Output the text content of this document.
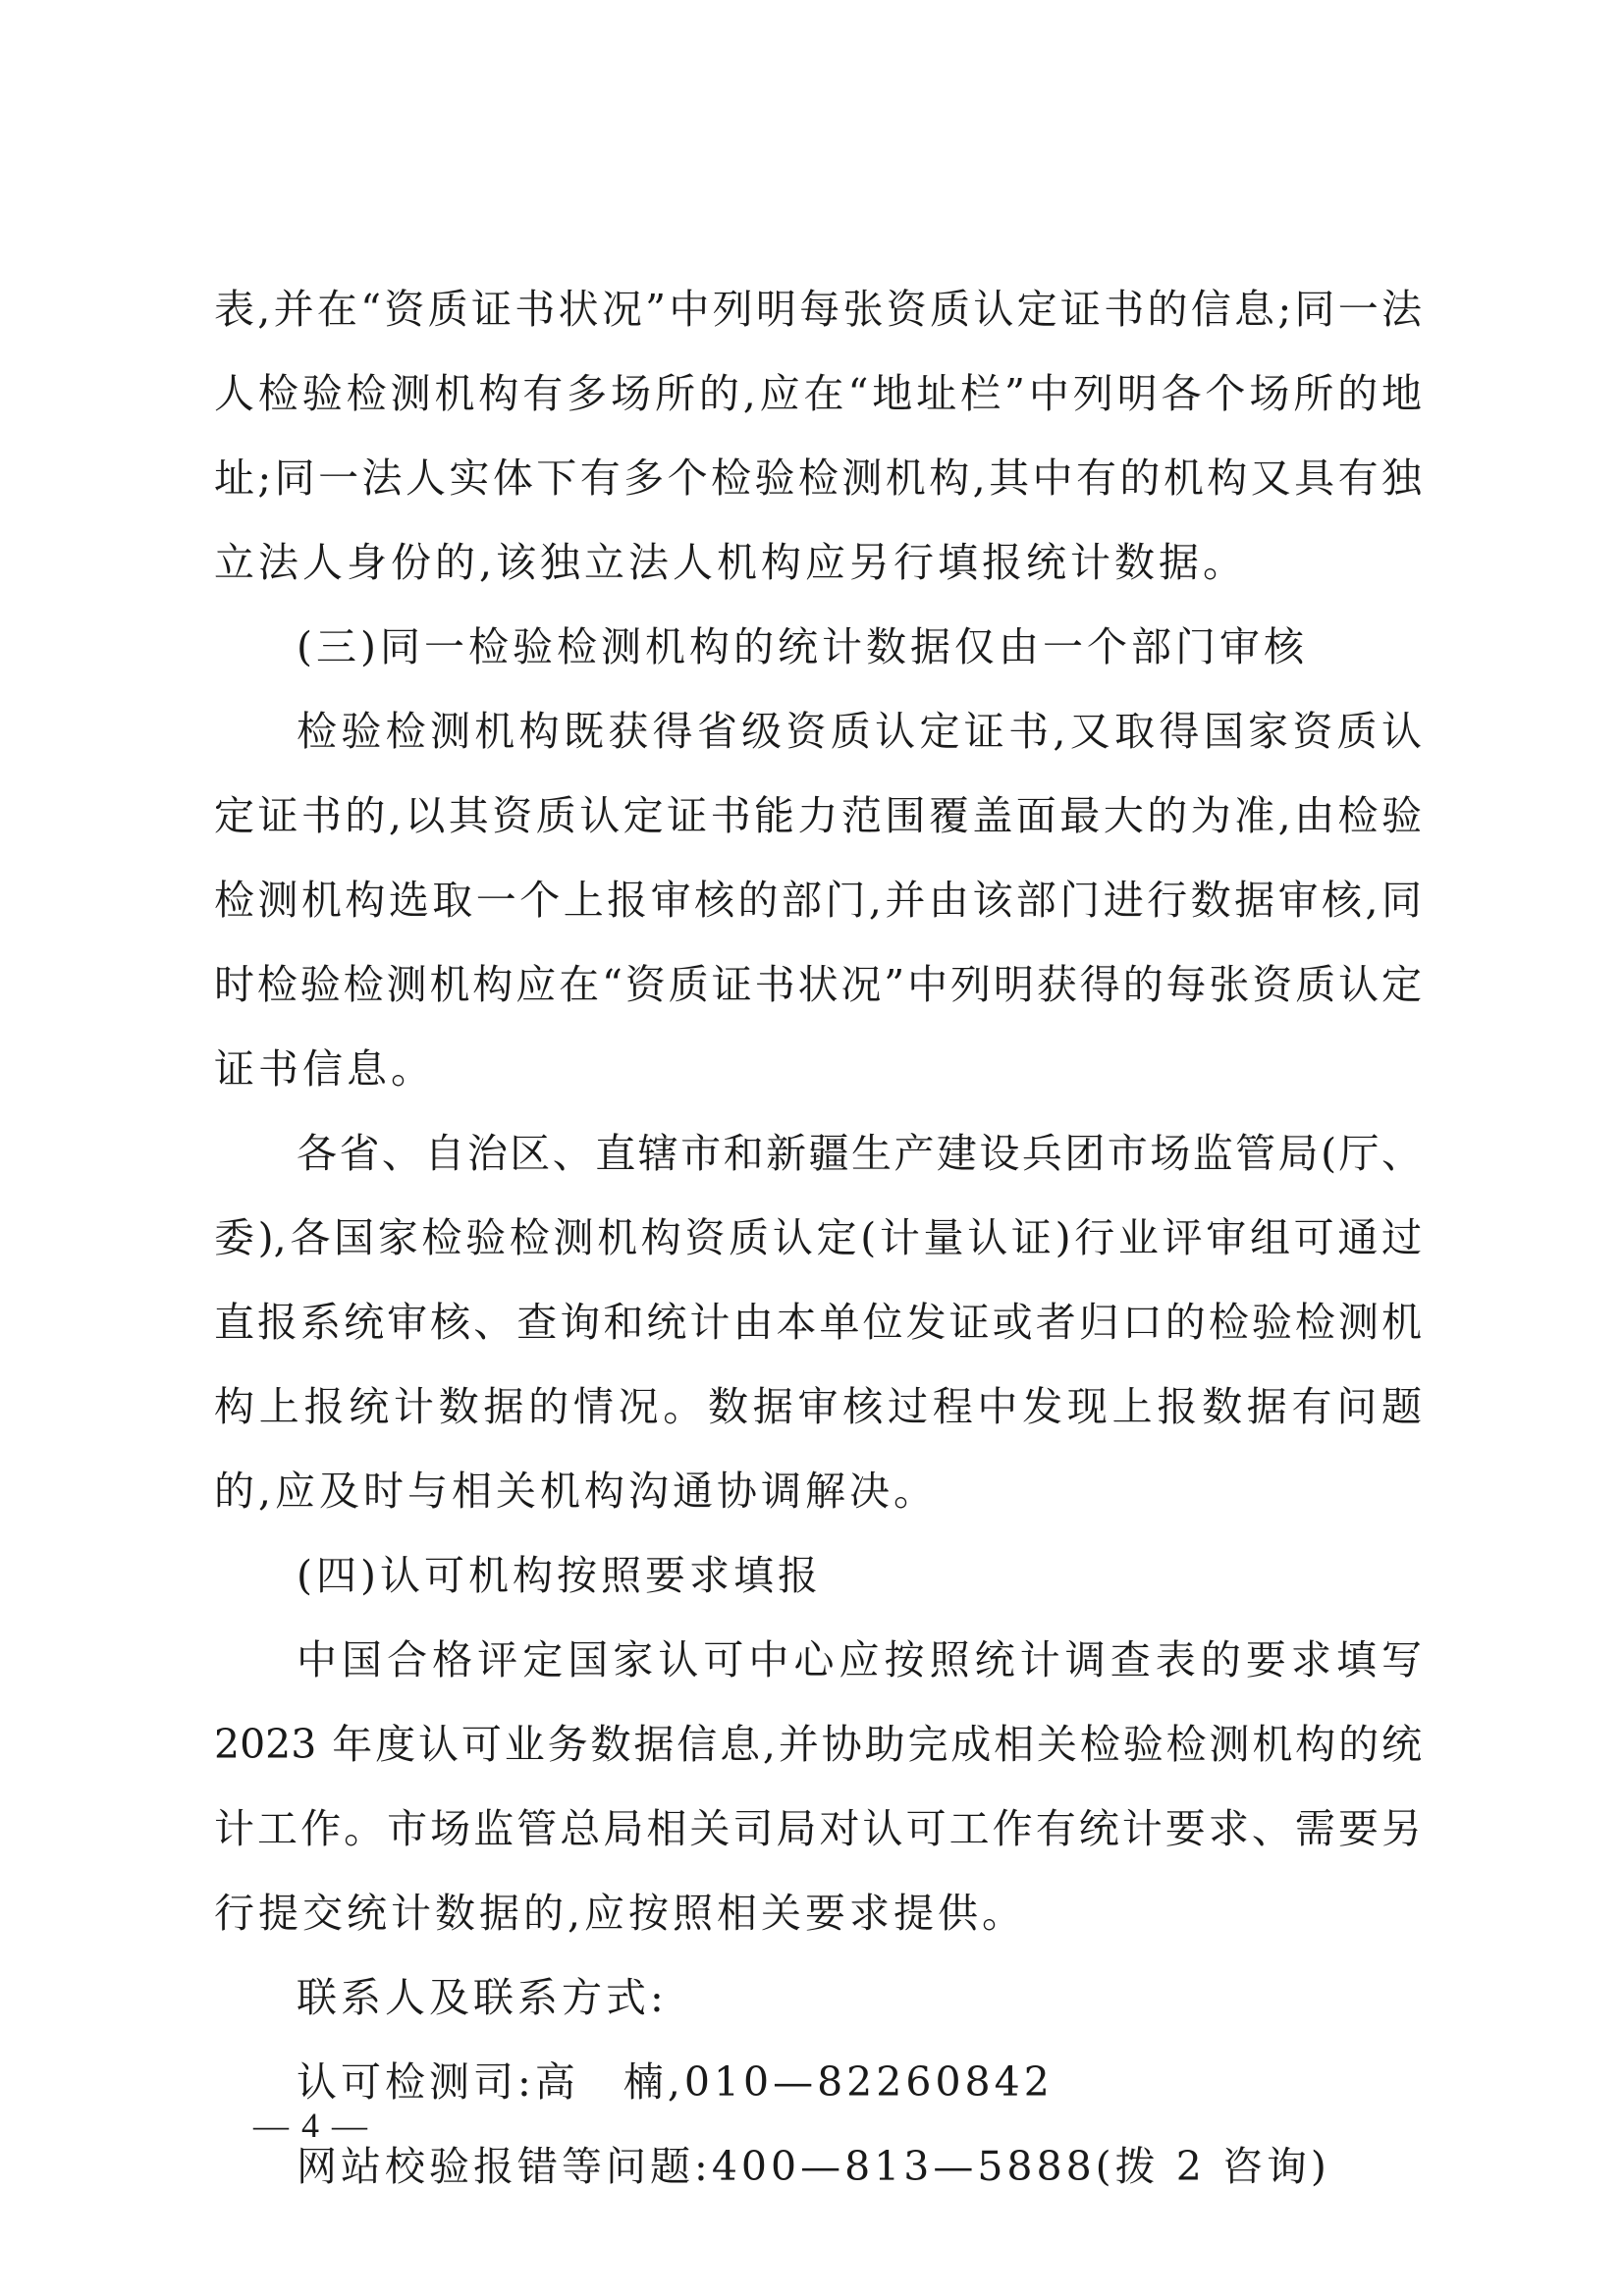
表,并在“资质证书状况”中列明每张资质认定证书的信息;同一法
人检验检测机构有多场所的,应在“地址栏”中列明各个场所的地
址;同一法人实体下有多个检验检测机构,其中有的机构又具有独
立法人身份的,该独立法人机构应另行填报统计数据。
(三)同一检验检测机构的统计数据仅由一个部门审核
检验检测机构既获得省级资质认定证书,又取得国家资质认
定证书的,以其资质认定证书能力范围覆盖面最大的为准,由检验
检测机构选取一个上报审核的部门,并由该部门进行数据审核,同
时检验检测机构应在“资质证书状况”中列明获得的每张资质认定
证书信息。
各省、自治区、直辖市和新疆生产建设兵团市场监管局(厅、
委),各国家检验检测机构资质认定(计量认证)行业评审组可通过
直报系统审核、查询和统计由本单位发证或者归口的检验检测机
构上报统计数据的情况。数据审核过程中发现上报数据有问题
的,应及时与相关机构沟通协调解决。
(四)认可机构按照要求填报
中国合格评定国家认可中心应按照统计调查表的要求填写
2023 年度认可业务数据信息,并协助完成相关检验检测机构的统
计工作。市场监管总局相关司局对认可工作有统计要求、需要另
行提交统计数据的,应按照相关要求提供。
联系人及联系方式:
认可检测司:高　楠,010—82260842
网站校验报错等问题:400—813—5888(拨 2 咨询)
— 4 —
